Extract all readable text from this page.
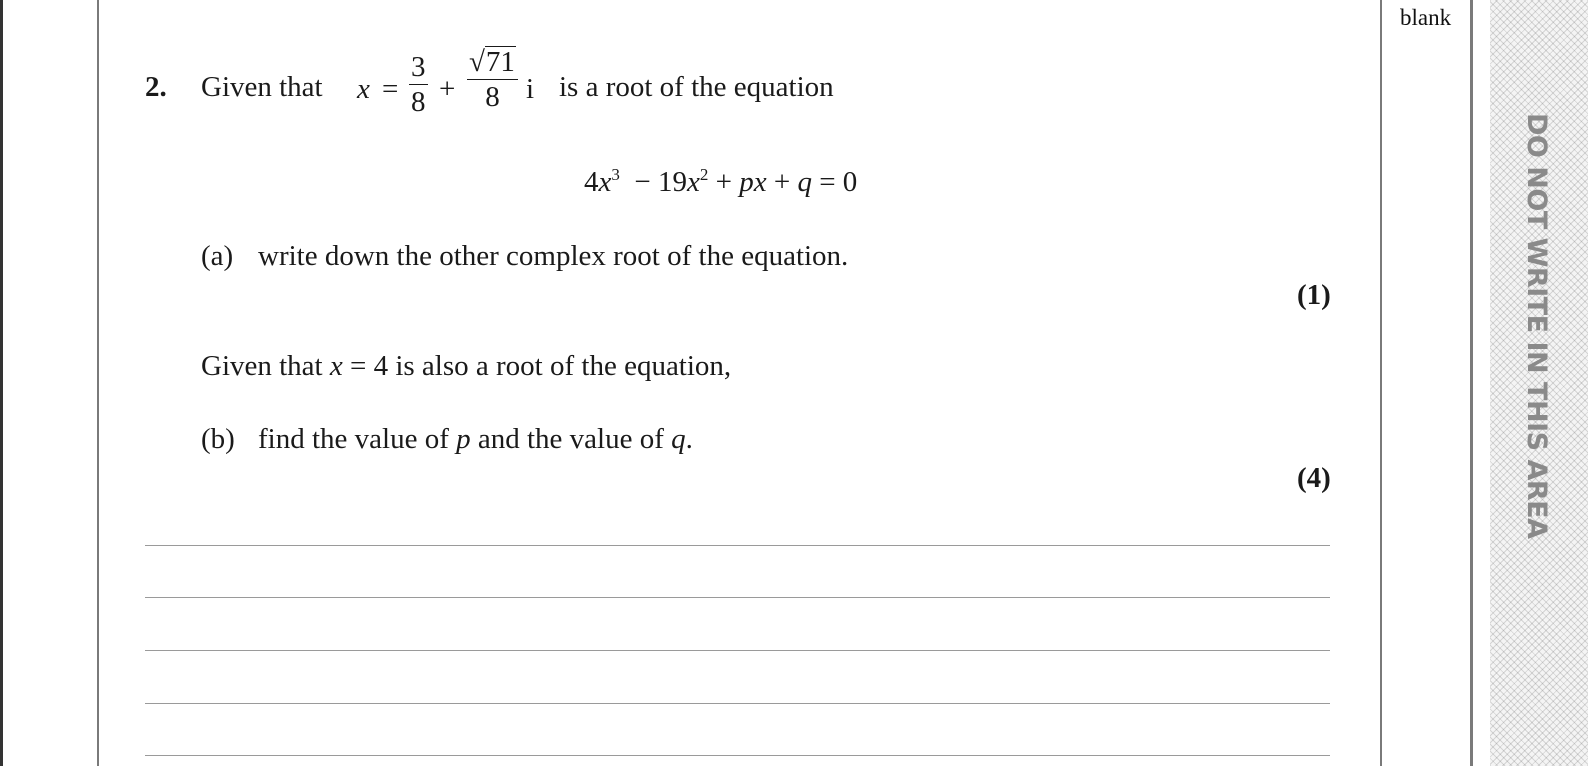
DO NOT WRITE IN THIS AREA
blank
2. Given that x =
3
8 +
√71
8 i is a root of the equation
$4x^3 - 19x^2$ + px + q = 0
(a) write down the other complex root of the equation.
(1)
Given that x = 4 is also a root of the equation,
(b) find the value of p and the value of q.
(4)
